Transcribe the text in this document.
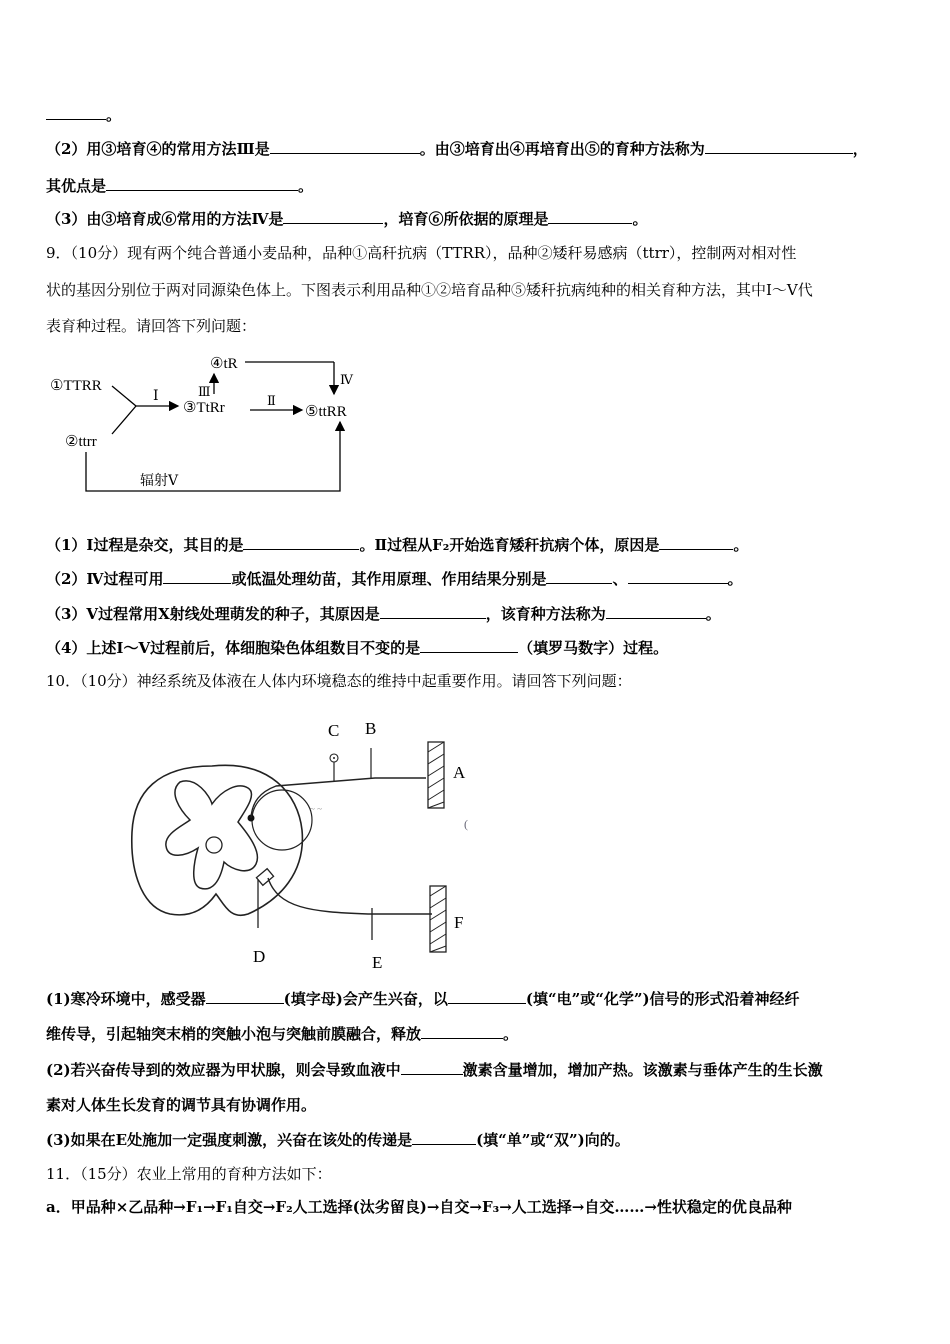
。
（2）用③培育④的常用方法Ⅲ是	。由③培育出④再培育出⑤的育种方法称为	，
其优点是	。
（3）由③培育成⑥常用的方法Ⅳ是	，培育⑥所依据的原理是	。
9．（10分）现有两个纯合普通小麦品种，品种①高秆抗病（TTRR），品种②矮秆易感病（ttrr），控制两对相对性
状的基因分别位于两对同源染色体上。下图表示利用品种①②培育品种⑤矮秆抗病纯种的相关育种方法，其中Ⅰ～Ⅴ代
表育种过程。请回答下列问题：
①TTRR
②ttrr
Ⅰ
③TtRr
Ⅲ
④tR
Ⅳ
Ⅱ
⑤ttRR
辐射Ⅴ
（1）Ⅰ过程是杂交，其目的是	。Ⅱ过程从F₂开始选育矮秆抗病个体，原因是	。
（2）Ⅳ过程可用	或低温处理幼苗，其作用原理、作用结果分别是	、	。
（3）Ⅴ过程常用X射线处理萌发的种子，其原因是	，该育种方法称为	。
（4）上述Ⅰ～Ⅴ过程前后，体细胞染色体组数目不变的是	（填罗马数字）过程。
10．（10分）神经系统及体液在人体内环境稳态的维持中起重要作用。请回答下列问题：
~ ~
C B
A
F
D	E
(
(1)寒冷环境中，感受器	(填字母)会产生兴奋，以	(填“电”或“化学”)信号的形式沿着神经纤
维传导，引起轴突末梢的突触小泡与突触前膜融合，释放	。
(2)若兴奋传导到的效应器为甲状腺，则会导致血液中	激素含量增加，增加产热。该激素与垂体产生的生长激
素对人体生长发育的调节具有协调作用。
(3)如果在E处施加一定强度刺激，兴奋在该处的传递是	(填“单”或“双”)向的。
11．（15分）农业上常用的育种方法如下：
a．甲品种×乙品种→F₁→F₁自交→F₂人工选择(汰劣留良)→自交→F₃→人工选择→自交……→性状稳定的优良品种
